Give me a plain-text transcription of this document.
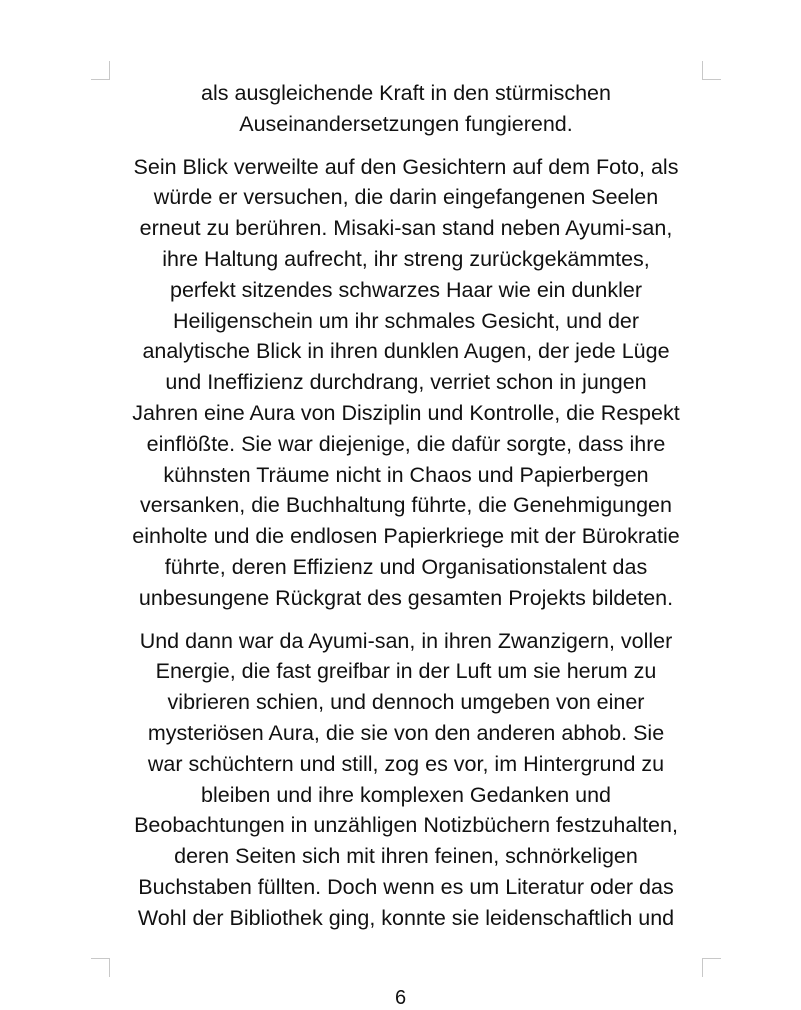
als ausgleichende Kraft in den stürmischen
Auseinandersetzungen fungierend.
Sein Blick verweilte auf den Gesichtern auf dem Foto, als
würde er versuchen, die darin eingefangenen Seelen
erneut zu berühren. Misaki-san stand neben Ayumi-san,
ihre Haltung aufrecht, ihr streng zurückgekämmtes,
perfekt sitzendes schwarzes Haar wie ein dunkler
Heiligenschein um ihr schmales Gesicht, und der
analytische Blick in ihren dunklen Augen, der jede Lüge
und Ineffizienz durchdrang, verriet schon in jungen
Jahren eine Aura von Disziplin und Kontrolle, die Respekt
einflößte. Sie war diejenige, die dafür sorgte, dass ihre
kühnsten Träume nicht in Chaos und Papierbergen
versanken, die Buchhaltung führte, die Genehmigungen
einholte und die endlosen Papierkriege mit der Bürokratie
führte, deren Effizienz und Organisationstalent das
unbesungene Rückgrat des gesamten Projekts bildeten.
Und dann war da Ayumi-san, in ihren Zwanzigern, voller
Energie, die fast greifbar in der Luft um sie herum zu
vibrieren schien, und dennoch umgeben von einer
mysteriösen Aura, die sie von den anderen abhob. Sie
war schüchtern und still, zog es vor, im Hintergrund zu
bleiben und ihre komplexen Gedanken und
Beobachtungen in unzähligen Notizbüchern festzuhalten,
deren Seiten sich mit ihren feinen, schnörkeligen
Buchstaben füllten. Doch wenn es um Literatur oder das
Wohl der Bibliothek ging, konnte sie leidenschaftlich und
6
